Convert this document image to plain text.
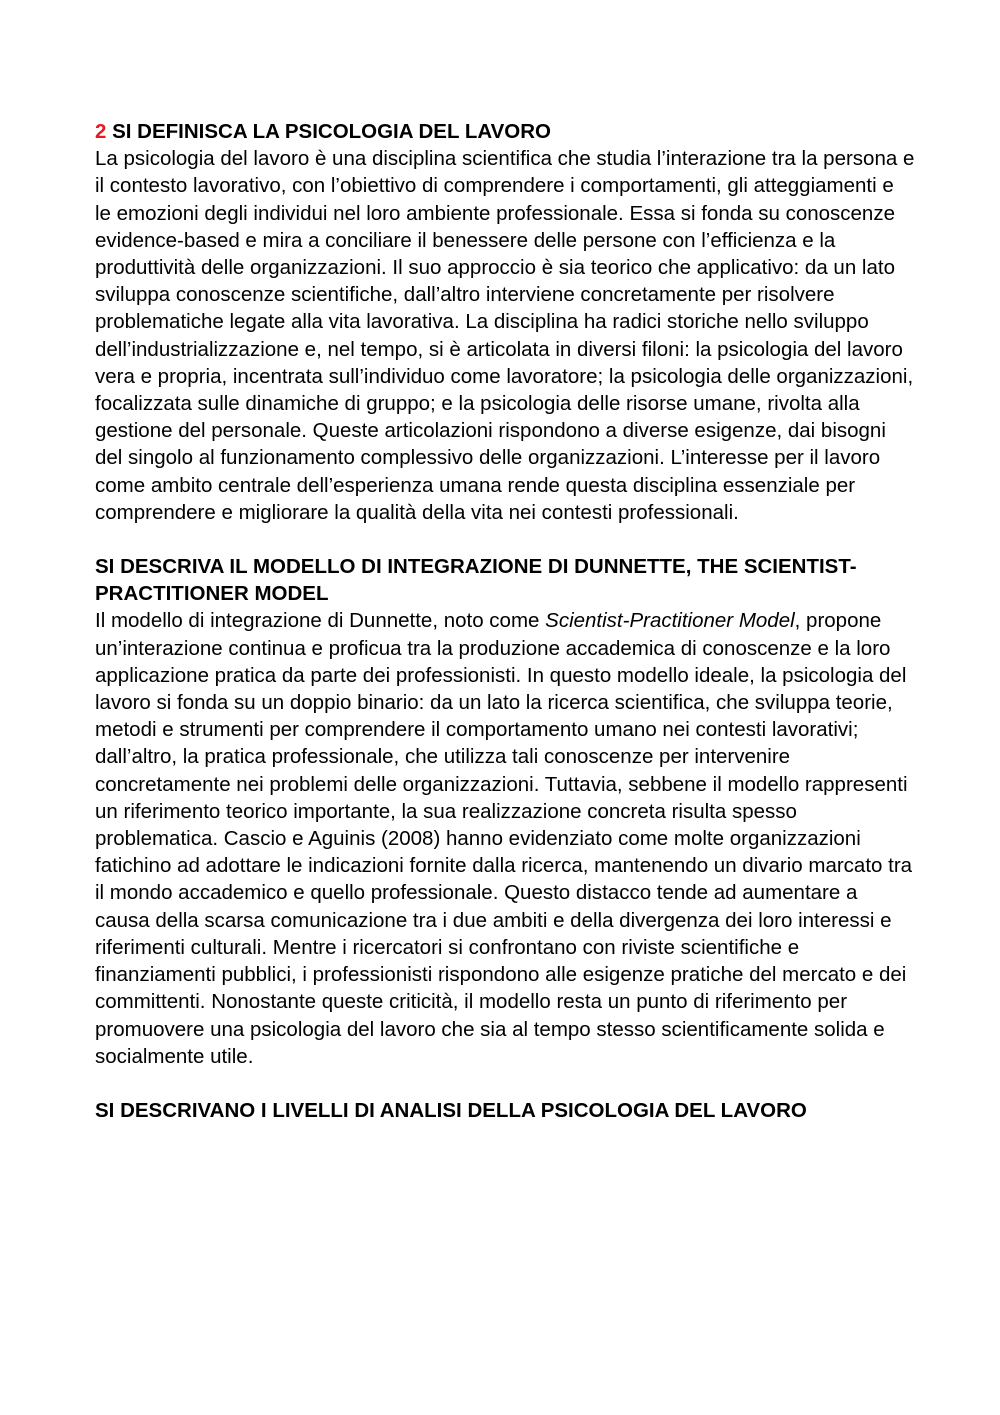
2 SI DEFINISCA LA PSICOLOGIA DEL LAVORO

La psicologia del lavoro è una disciplina scientifica che studia l’interazione tra la persona e il contesto lavorativo, con l’obiettivo di comprendere i comportamenti, gli atteggiamenti e le emozioni degli individui nel loro ambiente professionale. Essa si fonda su conoscenze evidence-based e mira a conciliare il benessere delle persone con l’efficienza e la produttività delle organizzazioni. Il suo approccio è sia teorico che applicativo: da un lato sviluppa conoscenze scientifiche, dall’altro interviene concretamente per risolvere problematiche legate alla vita lavorativa. La disciplina ha radici storiche nello sviluppo dell’industrializzazione e, nel tempo, si è articolata in diversi filoni: la psicologia del lavoro vera e propria, incentrata sull’individuo come lavoratore; la psicologia delle organizzazioni, focalizzata sulle dinamiche di gruppo; e la psicologia delle risorse umane, rivolta alla gestione del personale. Queste articolazioni rispondono a diverse esigenze, dai bisogni del singolo al funzionamento complessivo delle organizzazioni. L’interesse per il lavoro come ambito centrale dell’esperienza umana rende questa disciplina essenziale per comprendere e migliorare la qualità della vita nei contesti professionali.

SI DESCRIVA IL MODELLO DI INTEGRAZIONE DI DUNNETTE, THE SCIENTIST-PRACTITIONER MODEL

Il modello di integrazione di Dunnette, noto come Scientist-Practitioner Model, propone un’interazione continua e proficua tra la produzione accademica di conoscenze e la loro applicazione pratica da parte dei professionisti. In questo modello ideale, la psicologia del lavoro si fonda su un doppio binario: da un lato la ricerca scientifica, che sviluppa teorie, metodi e strumenti per comprendere il comportamento umano nei contesti lavorativi; dall’altro, la pratica professionale, che utilizza tali conoscenze per intervenire concretamente nei problemi delle organizzazioni. Tuttavia, sebbene il modello rappresenti un riferimento teorico importante, la sua realizzazione concreta risulta spesso problematica. Cascio e Aguinis (2008) hanno evidenziato come molte organizzazioni fatichino ad adottare le indicazioni fornite dalla ricerca, mantenendo un divario marcato tra il mondo accademico e quello professionale. Questo distacco tende ad aumentare a causa della scarsa comunicazione tra i due ambiti e della divergenza dei loro interessi e riferimenti culturali. Mentre i ricercatori si confrontano con riviste scientifiche e finanziamenti pubblici, i professionisti rispondono alle esigenze pratiche del mercato e dei committenti. Nonostante queste criticità, il modello resta un punto di riferimento per promuovere una psicologia del lavoro che sia al tempo stesso scientificamente solida e socialmente utile.

SI DESCRIVANO I LIVELLI DI ANALISI DELLA PSICOLOGIA DEL LAVORO
